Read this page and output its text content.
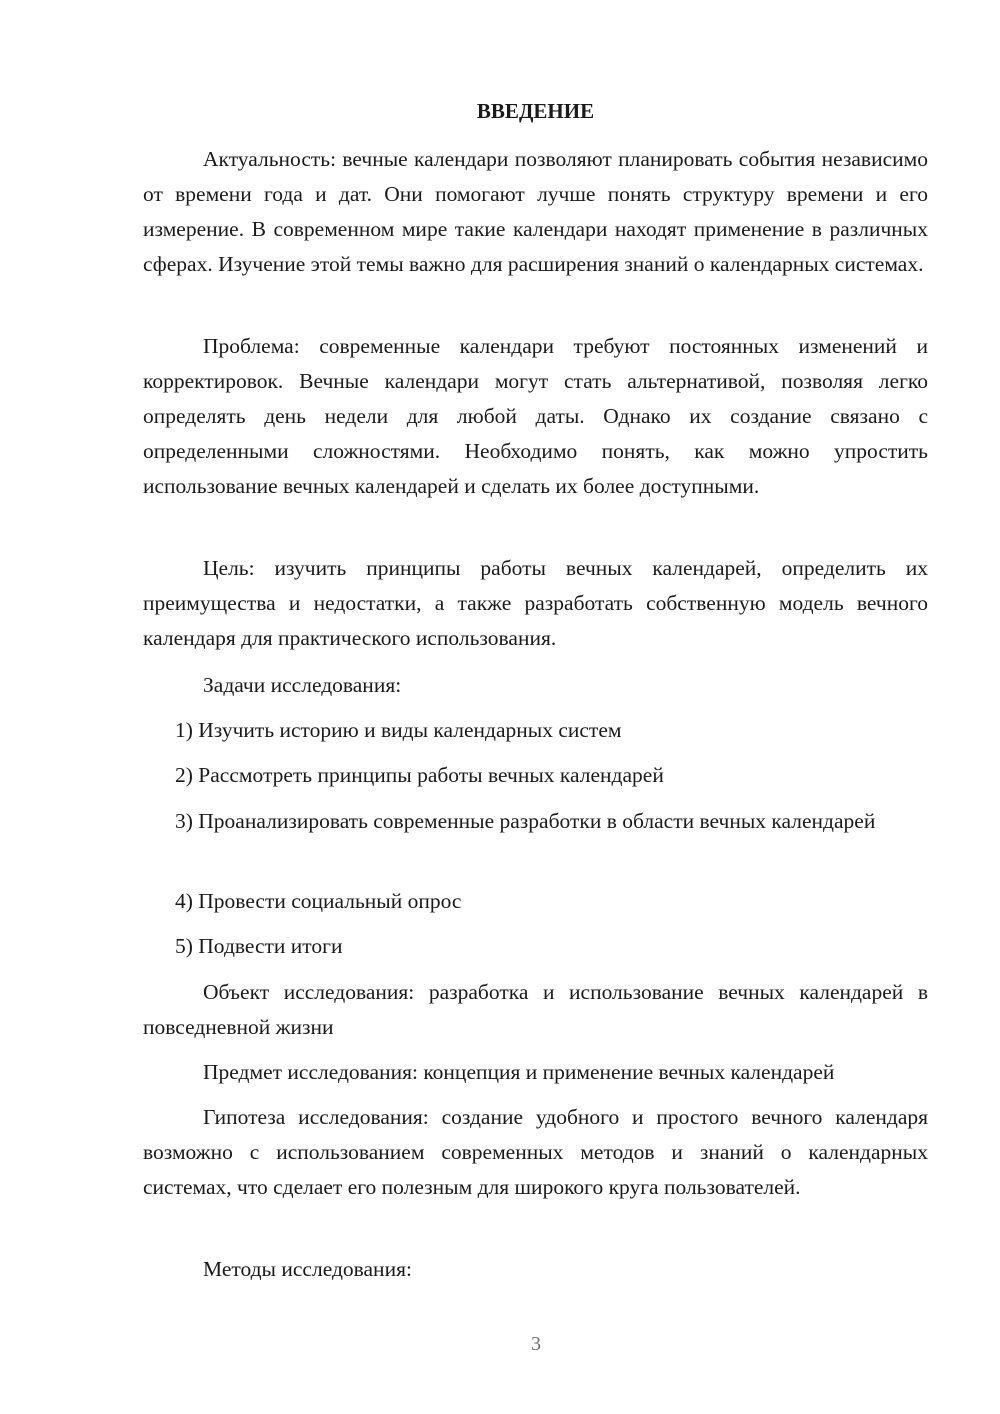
ВВЕДЕНИЕ

Актуальность: вечные календари позволяют планировать события независимо от времени года и дат. Они помогают лучше понять структуру времени и его измерение. В современном мире такие календари находят применение в различных сферах. Изучение этой темы важно для расширения знаний о календарных системах.

Проблема: современные календари требуют постоянных изменений и корректировок. Вечные календари могут стать альтернативой, позволяя легко определять день недели для любой даты. Однако их создание связано с определенными сложностями. Необходимо понять, как можно упростить использование вечных календарей и сделать их более доступными.

Цель: изучить принципы работы вечных календарей, определить их преимущества и недостатки, а также разработать собственную модель вечного календаря для практического использования.

Задачи исследования:

1) Изучить историю и виды календарных систем

2) Рассмотреть принципы работы вечных календарей

3) Проанализировать современные разработки в области вечных календарей

4) Провести социальный опрос

5) Подвести итоги

Объект исследования: разработка и использование вечных календарей в повседневной жизни

Предмет исследования: концепция и применение вечных календарей

Гипотеза исследования: создание удобного и простого вечного календаря возможно с использованием современных методов и знаний о календарных системах, что сделает его полезным для широкого круга пользователей.

Методы исследования:

3
